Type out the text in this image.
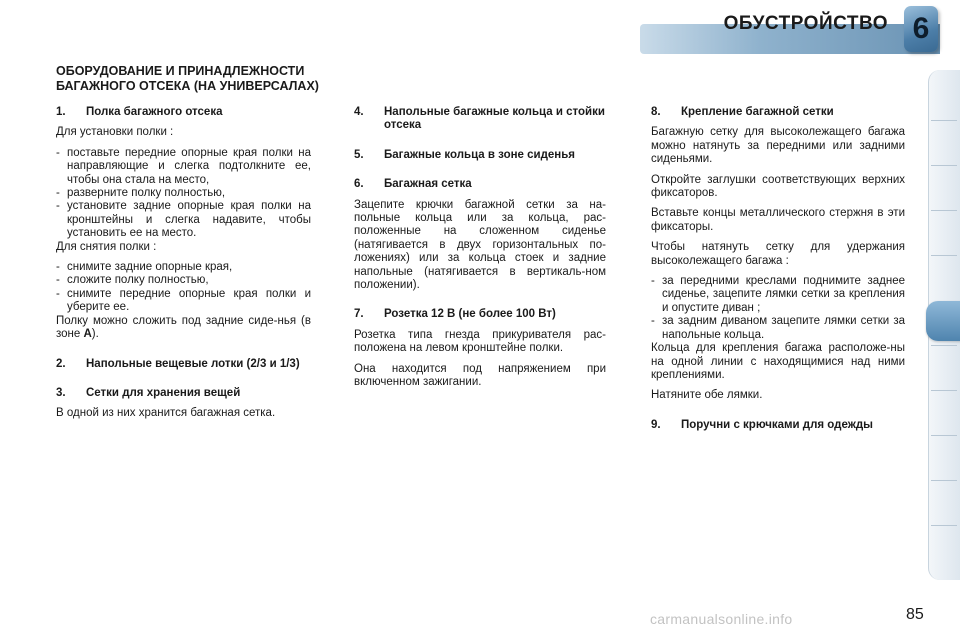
ОБУСТРОЙСТВО 6
ОБОРУДОВАНИЕ И ПРИНАДЛЕЖНОСТИ
БАГАЖНОГО ОТСЕКА (НА УНИВЕРСАЛАХ)
1.	Полка багажного отсека

Для установки полки :

- поставьте передние опорные края полки на направляющие и слегка подтолкните ее, чтобы она стала на место,
- разверните полку полностью,
- установите задние опорные края полки на кронштейны и слегка надавите, чтобы установить ее на место.

Для снятия полки :

- снимите задние опорные края,
- сложите полку полностью,
- снимите передние опорные края полки и уберите ее.

Полку можно сложить под задние сиде-нья (в зоне A).

2.	Напольные вещевые лотки (2/3 и 1/3)
3.	Сетки для хранения вещей

В одной из них хранится багажная сетка.

4.	Напольные багажные кольца и стойки отсека
5.	Багажные кольца в зоне сиденья
6.	Багажная сетка

Зацепите крючки багажной сетки за на-польные кольца или за кольца, рас-положенные на сложенном сиденье (натягивается в двух горизонтальных по-ложениях) или за кольца стоек и задние напольные (натягивается в вертикаль-ном положении).

7.	Розетка 12 В (не более 100 Вт)

Розетка типа гнезда прикуривателя рас-положена на левом кронштейне полки.

Она находится под напряжением при включенном зажигании.

8.	Крепление багажной сетки

Багажную сетку для высоколежащего багажа можно натянуть за передними или задними сиденьями.

Откройте заглушки соответствующих верхних фиксаторов.

Вставьте концы металлического стержня в эти фиксаторы.

Чтобы натянуть сетку для удержания высоколежащего багажа :

- за передними креслами поднимите заднее сиденье, зацепите лямки сетки за крепления и опустите диван ;
- за задним диваном зацепите лямки сетки за напольные кольца.

Кольца для крепления багажа расположе-ны на одной линии с находящимися над ними креплениями.

Натяните обе лямки.

9.	Поручни с крючками для одежды
carmanualsonline.info	85
